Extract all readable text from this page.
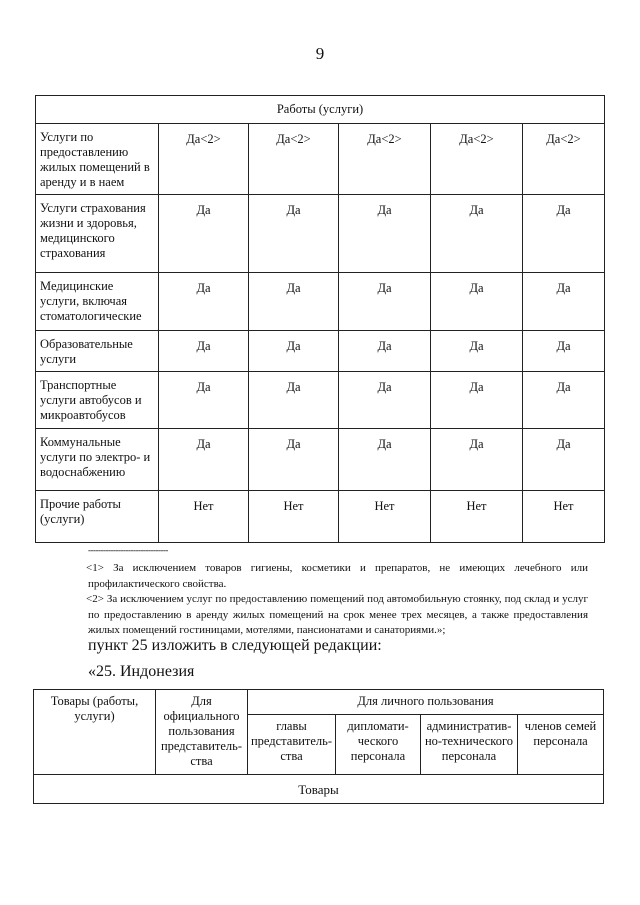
9
Работы (услуги)					
Услуги по предоставлению жилых помещений в аренду и в наем	Да<2>	Да<2>	Да<2>	Да<2>	Да<2>
Услуги страхования жизни и здоровья, медицинского страхования	Да	Да	Да	Да	Да
Медицинские услуги, включая стоматологические	Да	Да	Да	Да	Да
Образовательные услуги	Да	Да	Да	Да	Да
Транспортные услуги автобусов и микроавтобусов	Да	Да	Да	Да	Да
Коммунальные услуги по электро- и водоснабжению	Да	Да	Да	Да	Да
Прочие работы (услуги)	Нет	Нет	Нет	Нет	Нет
--------------------------------

<1> За исключением товаров гигиены, косметики и препаратов, не имеющих лечебного или профилактического свойства.

<2> За исключением услуг по предоставлению помещений под автомобильную стоянку, под склад и услуг по предоставлению в аренду жилых помещений на срок менее трех месяцев, а также предоставления жилых помещений гостиницами, мотелями, пансионатами и санаториями.»;

пункт 25 изложить в следующей редакции:
«25. Индонезия
Товары (работы, услуги)	Для официального пользования представитель-ства	Для личного пользования			
		главы представитель-ства	дипломати-ческого персонала	административ-но-технического персонала	членов семей персонала
Товары					
